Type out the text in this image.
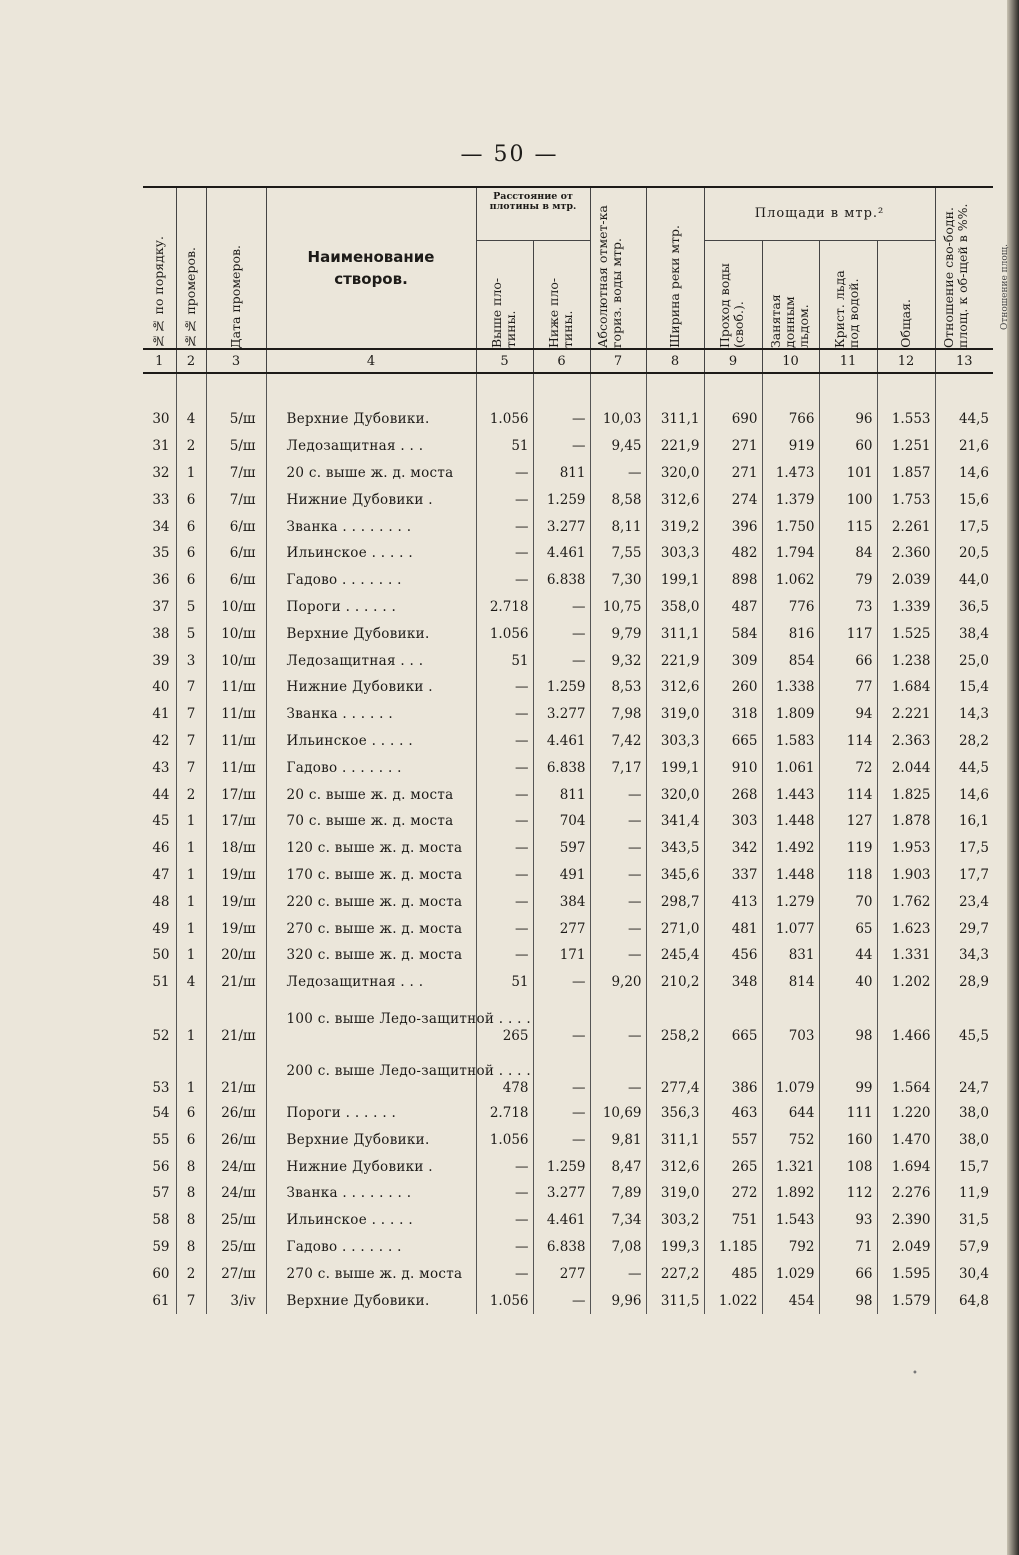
— 50 —

№№ по порядку.	№№ промеров.	Дата промеров.	Наименование створов.	Расстояние от плотины в мтр.		Абсолютная отмет-ка гориз. воды мтр.	Ширина реки мтр.	Площади в мтр.²				Отношение сво-бодн. площ. к об-щей в %%.

				Выше пло-тины.	Ниже пло-тины.			Проход воды (своб.).	Занятая донным льдом.	Крист. льда под водой.	Общая.	

1	2	3	4	5	6	7	8	9	10	11	12	13

30	4	5/ш	Верхние Дубовики.	1.056	—	10,03	311,1	690	766	96	1.553	44,5
31	2	5/ш	Ледозащитная . . .	51	—	9,45	221,9	271	919	60	1.251	21,6
32	1	7/ш	20 с. выше ж. д. моста	—	811	—	320,0	271	1.473	101	1.857	14,6
33	6	7/ш	Нижние Дубовики .	—	1.259	8,58	312,6	274	1.379	100	1.753	15,6
34	6	6/ш	Званка . . . . . . . .	—	3.277	8,11	319,2	396	1.750	115	2.261	17,5
35	6	6/ш	Ильинское . . . . .	—	4.461	7,55	303,3	482	1.794	84	2.360	20,5
36	6	6/ш	Гадово . . . . . . .	—	6.838	7,30	199,1	898	1.062	79	2.039	44,0
37	5	10/ш	Пороги . . . . . .	2.718	—	10,75	358,0	487	776	73	1.339	36,5
38	5	10/ш	Верхние Дубовики.	1.056	—	9,79	311,1	584	816	117	1.525	38,4
39	3	10/ш	Ледозащитная . . .	51	—	9,32	221,9	309	854	66	1.238	25,0
40	7	11/ш	Нижние Дубовики .	—	1.259	8,53	312,6	260	1.338	77	1.684	15,4
41	7	11/ш	Званка . . . . . .	—	3.277	7,98	319,0	318	1.809	94	2.221	14,3
42	7	11/ш	Ильинское . . . . .	—	4.461	7,42	303,3	665	1.583	114	2.363	28,2
43	7	11/ш	Гадово . . . . . . .	—	6.838	7,17	199,1	910	1.061	72	2.044	44,5
44	2	17/ш	20 с. выше ж. д. моста	—	811	—	320,0	268	1.443	114	1.825	14,6
45	1	17/ш	70 с. выше ж. д. моста	—	704	—	341,4	303	1.448	127	1.878	16,1
46	1	18/ш	120 с. выше ж. д. моста	—	597	—	343,5	342	1.492	119	1.953	17,5
47	1	19/ш	170 с. выше ж. д. моста	—	491	—	345,6	337	1.448	118	1.903	17,7
48	1	19/ш	220 с. выше ж. д. моста	—	384	—	298,7	413	1.279	70	1.762	23,4
49	1	19/ш	270 с. выше ж. д. моста	—	277	—	271,0	481	1.077	65	1.623	29,7
50	1	20/ш	320 с. выше ж. д. моста	—	171	—	245,4	456	831	44	1.331	34,3
51	4	21/ш	Ледозащитная . . .	51	—	9,20	210,2	348	814	40	1.202	28,9
52	1	21/ш	100 с. выше Ледо-защитной . . . .	265	—	—	258,2	665	703	98	1.466	45,5
53	1	21/ш	200 с. выше Ледо-защитной . . . .	478	—	—	277,4	386	1.079	99	1.564	24,7
54	6	26/ш	Пороги . . . . . .	2.718	—	10,69	356,3	463	644	111	1.220	38,0
55	6	26/ш	Верхние Дубовики.	1.056	—	9,81	311,1	557	752	160	1.470	38,0
56	8	24/ш	Нижние Дубовики .	—	1.259	8,47	312,6	265	1.321	108	1.694	15,7
57	8	24/ш	Званка . . . . . . . .	—	3.277	7,89	319,0	272	1.892	112	2.276	11,9
58	8	25/ш	Ильинское . . . . .	—	4.461	7,34	303,2	751	1.543	93	2.390	31,5
59	8	25/ш	Гадово . . . . . . .	—	6.838	7,08	199,3	1.185	792	71	2.049	57,9
60	2	27/ш	270 с. выше ж. д. моста	—	277	—	227,2	485	1.029	66	1.595	30,4
61	7	3/iv	Верхние Дубовики.	1.056	—	9,96	311,5	1.022	454	98	1.579	64,8
Отношение площ.
•
